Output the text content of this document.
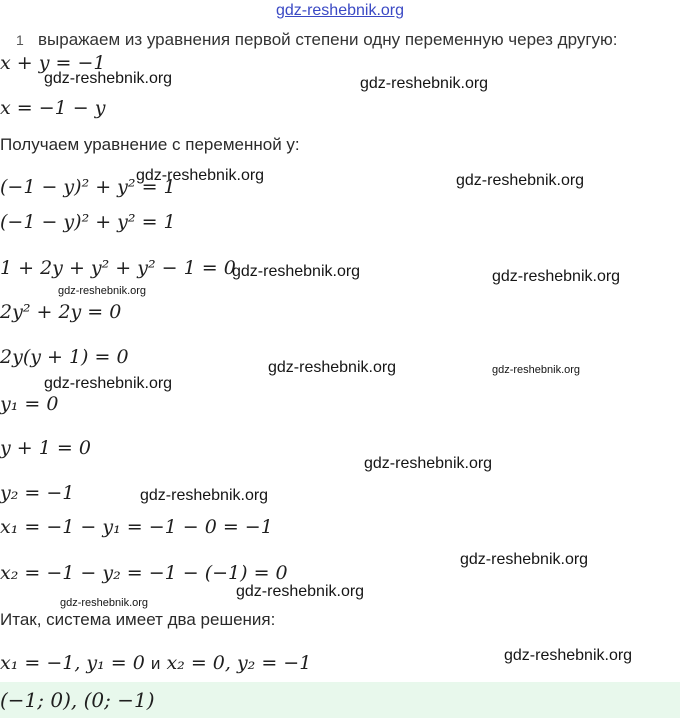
gdz-reshebnik.org
1 выражаем из уравнения первой степени одну переменную через другую:
x + y = −1
x = −1 − y
Получаем уравнение с переменной y:
(−1 − y)² + y² = 1
(−1 − y)² + y² = 1
1 + 2y + y² + y² − 1 = 0
2y² + 2y = 0
2y(y + 1) = 0
y₁ = 0
y + 1 = 0
y₂ = −1
x₁ = −1 − y₁ = −1 − 0 = −1
x₂ = −1 − y₂ = −1 − (−1) = 0
Итак, система имеет два решения:
x₁ = −1, y₁ = 0 и x₂ = 0, y₂ = −1
(−1; 0), (0; −1)
gdz-reshebnik.org	gdz-reshebnik.org
gdz-reshebnik.org	gdz-reshebnik.org
gdz-reshebnik.org	gdz-reshebnik.org
gdz-reshebnik.org
gdz-reshebnik.org	gdz-reshebnik.org
gdz-reshebnik.org
gdz-reshebnik.org
gdz-reshebnik.org
gdz-reshebnik.org
gdz-reshebnik.org
gdz-reshebnik.org
gdz-reshebnik.org
